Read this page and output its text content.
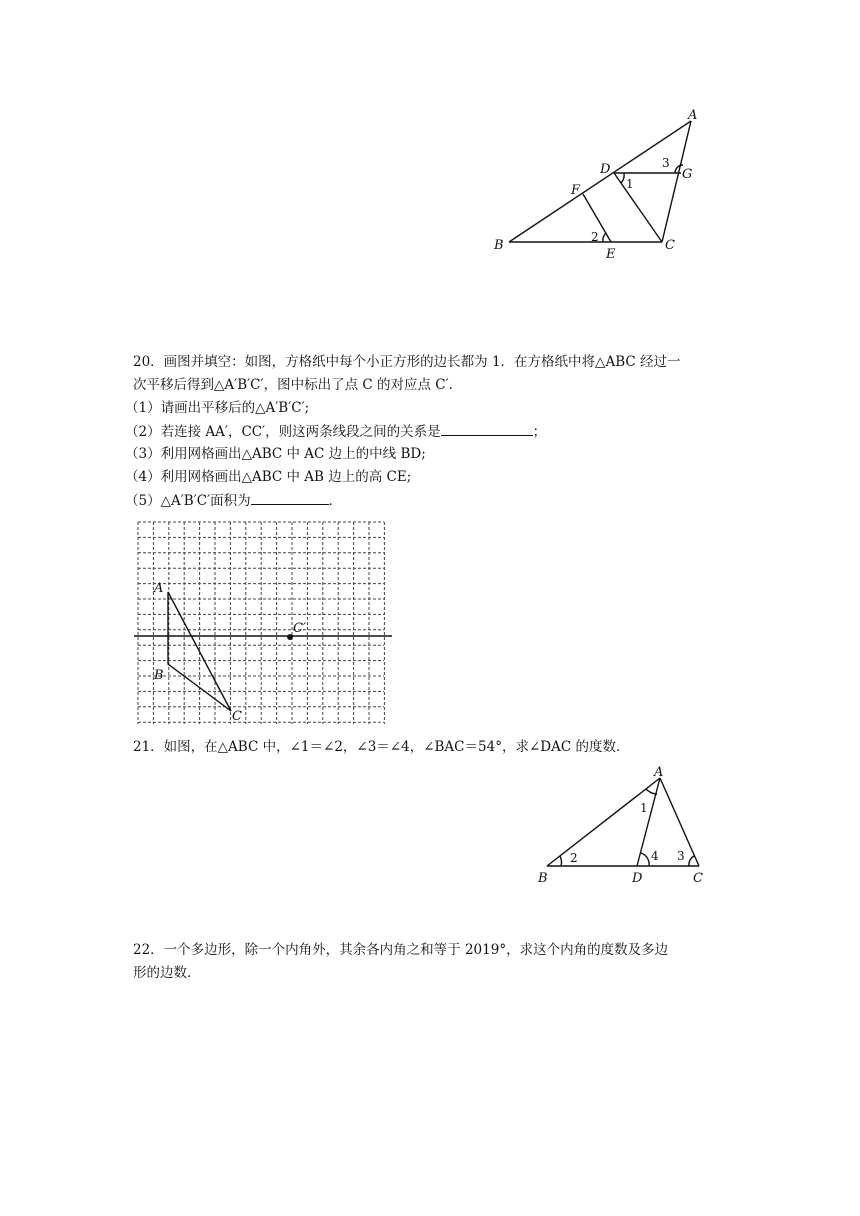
A
D	G
F
B
E
C
1
2
3
20．画图并填空：如图，方格纸中每个小正方形的边长都为 1．在方格纸中将△ABC 经过一
次平移后得到△A′B′C′，图中标出了点 C 的对应点 C′．
（1）请画出平移后的△A′B′C′;
（2）若连接 AA′，CC′，则这两条线段之间的关系是	；
（3）利用网格画出△ABC 中 AC 边上的中线 BD;
（4）利用网格画出△ABC 中 AB 边上的高 CE;
（5）△A′B′C′面积为	．
A
B
C
C′
21．如图，在△ABC 中，∠1＝∠2，∠3＝∠4，∠BAC＝54°，求∠DAC 的度数．
A
B	D	C
1
2	3
4
22．一个多边形，除一个内角外，其余各内角之和等于 2019°，求这个内角的度数及多边
形的边数．
